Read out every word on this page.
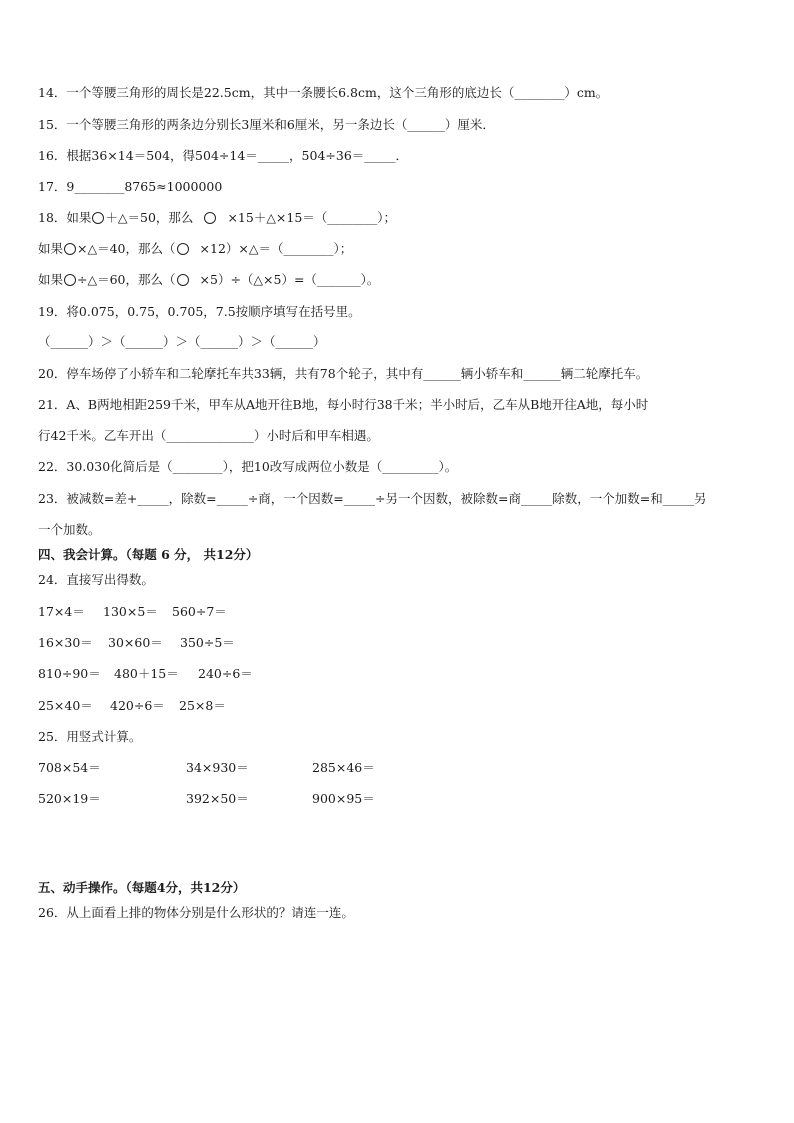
14．一个等腰三角形的周长是22.5cm，其中一条腰长6.8cm，这个三角形的底边长（________）cm。
15．一个等腰三角形的两条边分别长3厘米和6厘米，另一条边长（______）厘米．
16．根据36×14＝504，得504÷14＝_____，504÷36＝_____．
17．9________8765≈1000000
18．如果 ＋△＝50，那么	×15＋△×15＝（________）；
如果 ×△＝40，那么（ ×12）×△＝（________）；
如果 ÷△＝60，那么（ ×5）÷（△×5）=（_______）。
19．将0.075，0.75，0.705，7.5按顺序填写在括号里。
（______）＞（______）＞（______）＞（______）
20．停车场停了小轿车和二轮摩托车共33辆，共有78个轮子，其中有______辆小轿车和______辆二轮摩托车。
21．A、B两地相距259千米，甲车从A地开往B地，每小时行38千米；半小时后，乙车从B地开往A地，每小时
行42千米。乙车开出（______________）小时后和甲车相遇。
22．30.030化简后是（________），把10改写成两位小数是（_________）。
23．被减数=差+_____，除数=_____÷商，一个因数=_____÷另一个因数，被除数=商_____除数，一个加数=和_____另
一个加数。
四、我会计算。（每题 6 分， 共12分）
24．直接写出得数。
17×4＝ 130×5＝ 560÷7＝
16×30＝ 30×60＝ 350÷5＝
810÷90＝ 480＋15＝ 240÷6＝
25×40＝ 420÷6＝ 25×8＝
25．用竖式计算。
708×54＝	34×930＝	285×46＝
520×19＝	392×50＝	900×95＝
五、动手操作。（每题4分，共12分）
26．从上面看上排的物体分别是什么形状的？请连一连。
